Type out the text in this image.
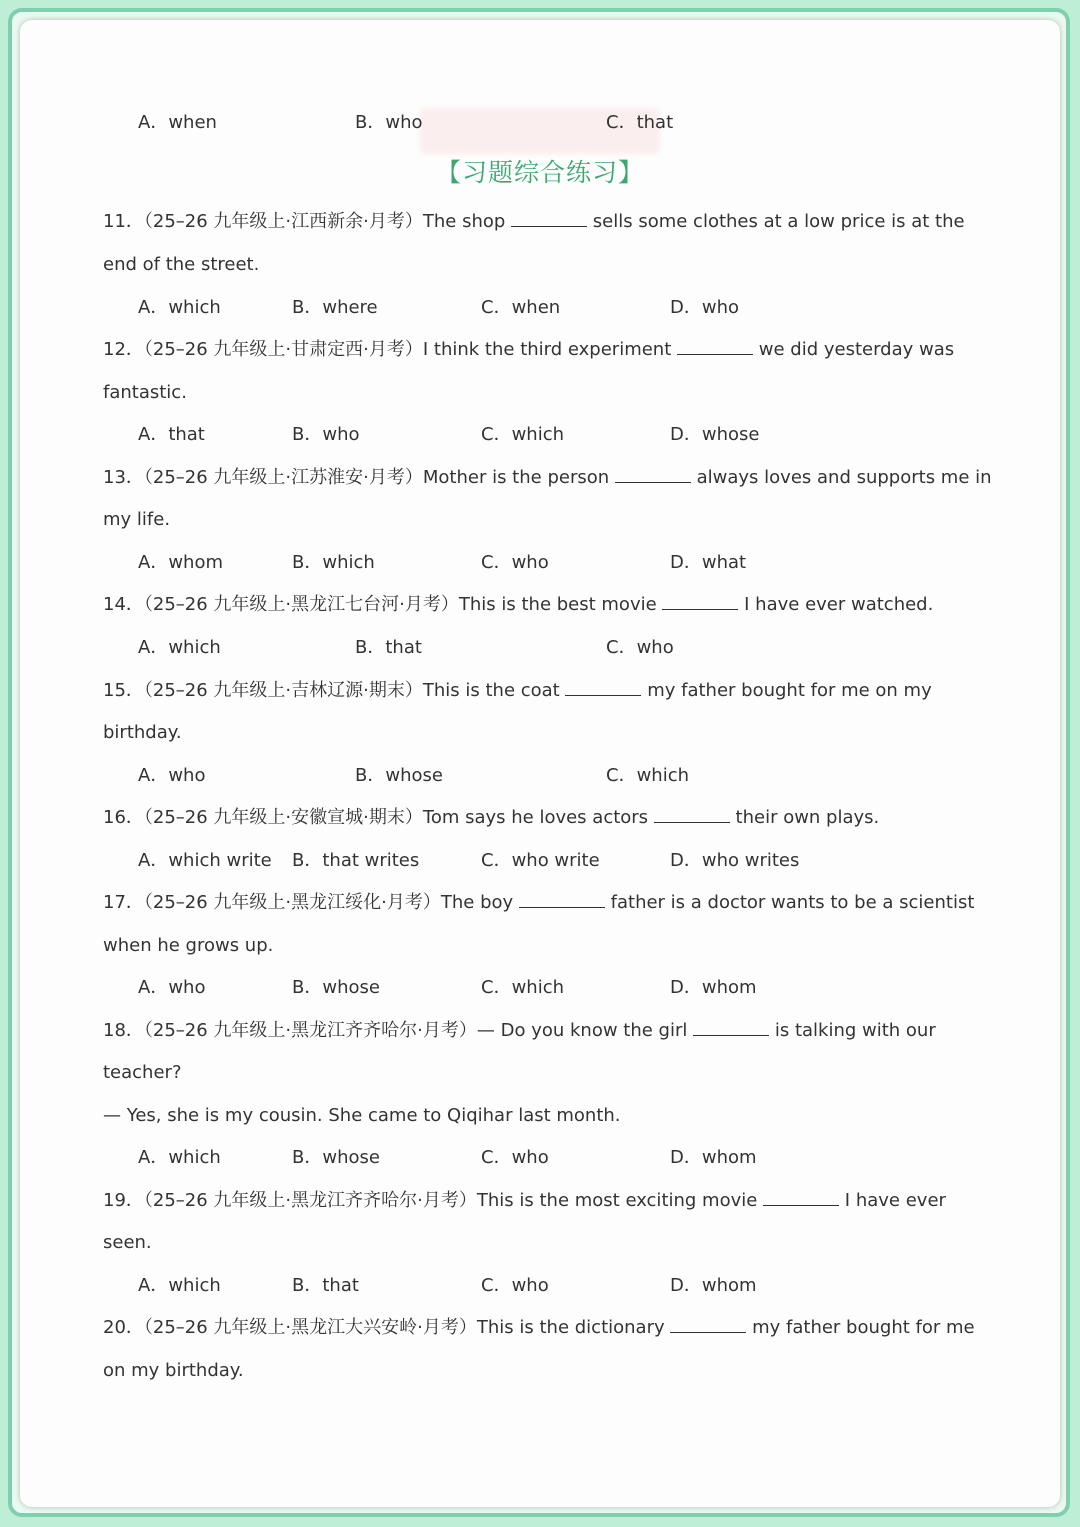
A．when	B．who	C．that
【习题综合练习】
11．（25–26 九年级上·江西新余·月考）The shop	sells some clothes at a low price is at the
end of the street.
A．which	B．where	C．when	D．who
12．（25–26 九年级上·甘肃定西·月考）I think the third experiment	we did yesterday was
fantastic.
A．that	B．who	C．which	D．whose
13．（25–26 九年级上·江苏淮安·月考）Mother is the person	always loves and supports me in
my life.
A．whom	B．which	C．who	D．what
14．（25–26 九年级上·黑龙江七台河·月考）This is the best movie	I have ever watched.
A．which	B．that	C．who
15．（25–26 九年级上·吉林辽源·期末）This is the coat	my father bought for me on my
birthday.
A．who	B．whose	C．which
16．（25–26 九年级上·安徽宣城·期末）Tom says he loves actors	their own plays.
A．which write B．that writes	C．who write	D．who writes
17．（25–26 九年级上·黑龙江绥化·月考）The boy	father is a doctor wants to be a scientist
when he grows up.
A．who	B．whose	C．which	D．whom
18．（25–26 九年级上·黑龙江齐齐哈尔·月考）— Do you know the girl	is talking with our
teacher?
— Yes, she is my cousin. She came to Qiqihar last month.
A．which	B．whose	C．who	D．whom
19．（25–26 九年级上·黑龙江齐齐哈尔·月考）This is the most exciting movie	I have ever
seen.
A．which	B．that	C．who	D．whom
20．（25–26 九年级上·黑龙江大兴安岭·月考）This is the dictionary	my father bought for me
on my birthday.
